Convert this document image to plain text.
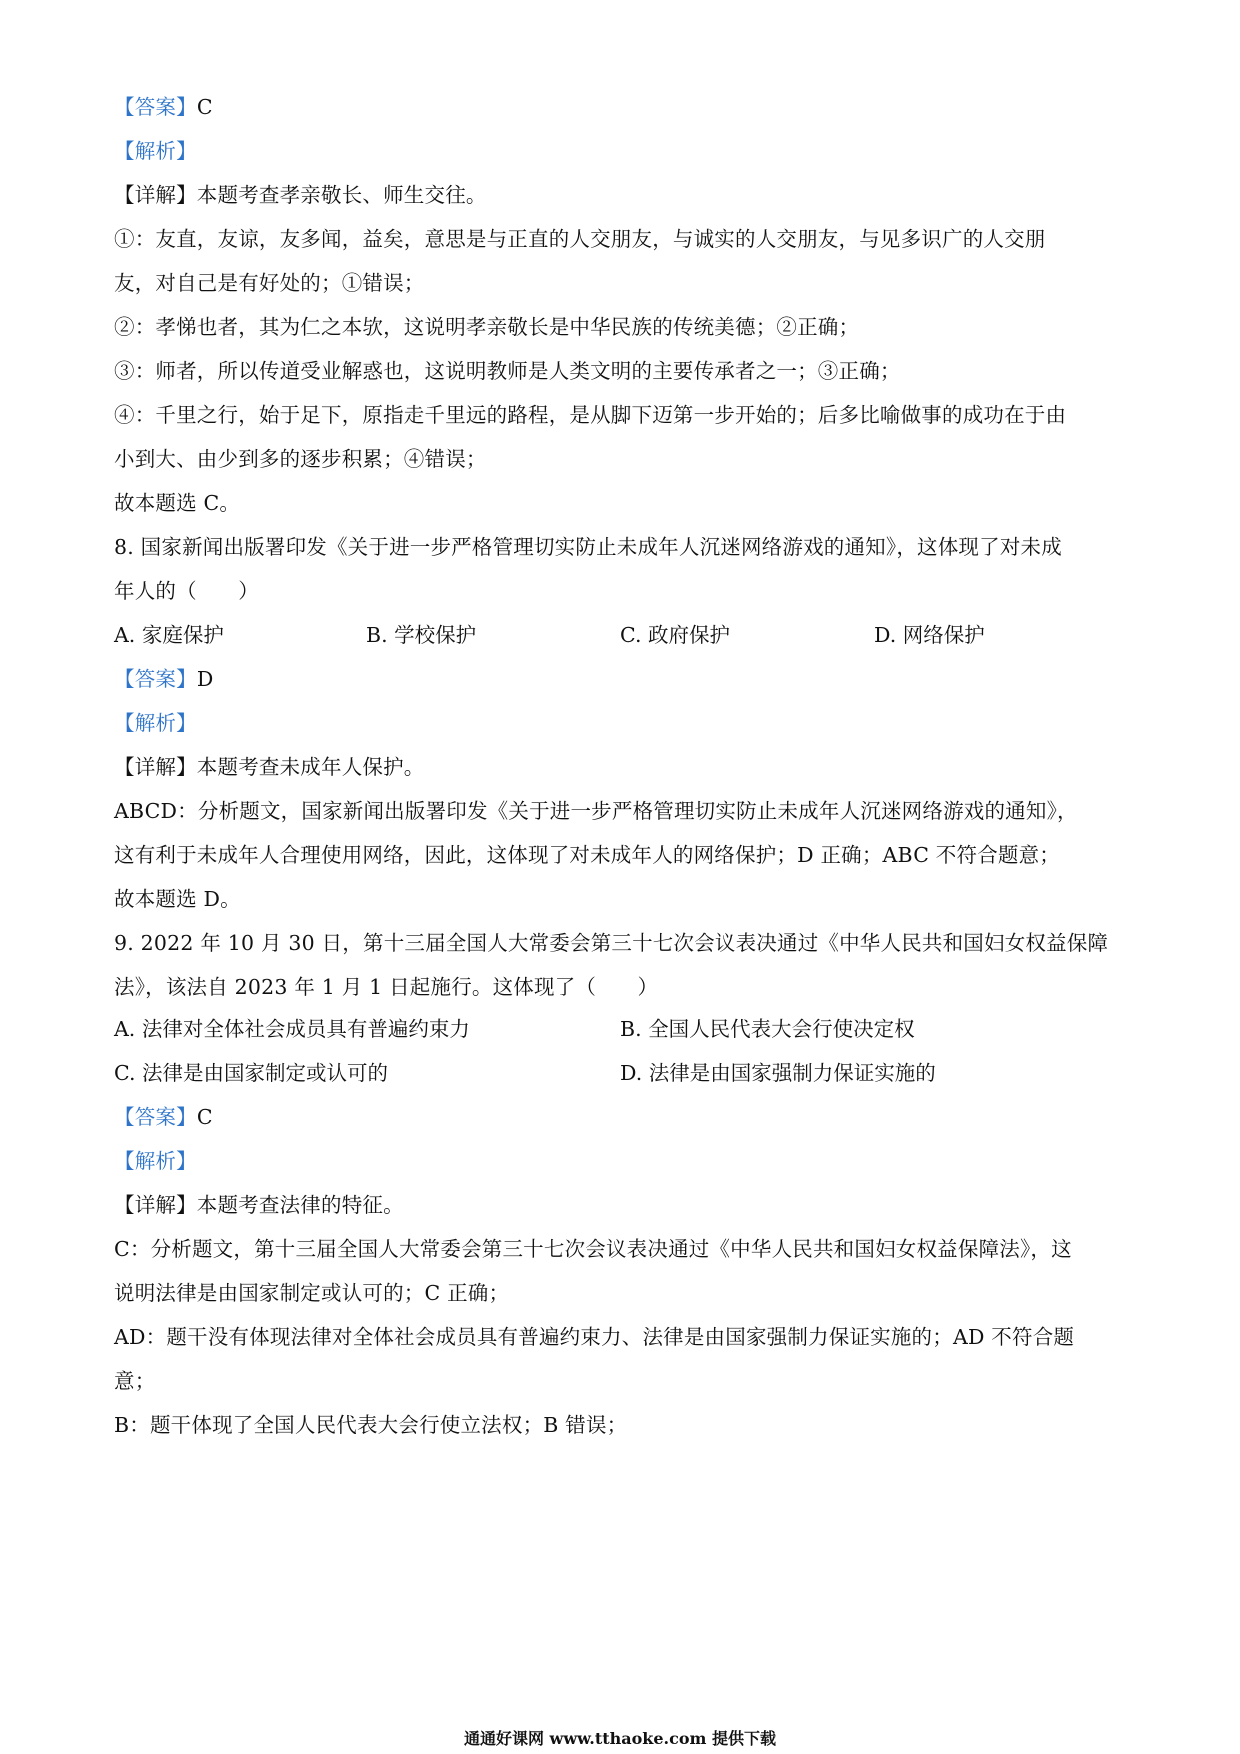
【答案】C
【解析】
【详解】本题考查孝亲敬长、师生交往。
①：友直，友谅，友多闻，益矣，意思是与正直的人交朋友，与诚实的人交朋友，与见多识广的人交朋
友，对自己是有好处的；①错误；
②：孝悌也者，其为仁之本欤，这说明孝亲敬长是中华民族的传统美德；②正确；
③：师者，所以传道受业解惑也，这说明教师是人类文明的主要传承者之一；③正确；
④：千里之行，始于足下，原指走千里远的路程，是从脚下迈第一步开始的；后多比喻做事的成功在于由
小到大、由少到多的逐步积累；④错误；
故本题选 C。
8. 国家新闻出版署印发《关于进一步严格管理切实防止未成年人沉迷网络游戏的通知》，这体现了对未成
年人的（　　）
A. 家庭保护	B. 学校保护	C. 政府保护	D. 网络保护
【答案】D
【解析】
【详解】本题考查未成年人保护。
ABCD：分析题文，国家新闻出版署印发《关于进一步严格管理切实防止未成年人沉迷网络游戏的通知》，
这有利于未成年人合理使用网络，因此，这体现了对未成年人的网络保护；D 正确；ABC 不符合题意；
故本题选 D。
9. 2022 年 10 月 30 日，第十三届全国人大常委会第三十七次会议表决通过《中华人民共和国妇女权益保障
法》，该法自 2023 年 1 月 1 日起施行。这体现了（　　）
A. 法律对全体社会成员具有普遍约束力	B. 全国人民代表大会行使决定权
C. 法律是由国家制定或认可的	D. 法律是由国家强制力保证实施的
【答案】C
【解析】
【详解】本题考查法律的特征。
C：分析题文，第十三届全国人大常委会第三十七次会议表决通过《中华人民共和国妇女权益保障法》，这
说明法律是由国家制定或认可的；C 正确；
AD：题干没有体现法律对全体社会成员具有普遍约束力、法律是由国家强制力保证实施的；AD 不符合题
意；
B：题干体现了全国人民代表大会行使立法权；B 错误；
通通好课网 www.tthaoke.com 提供下载
